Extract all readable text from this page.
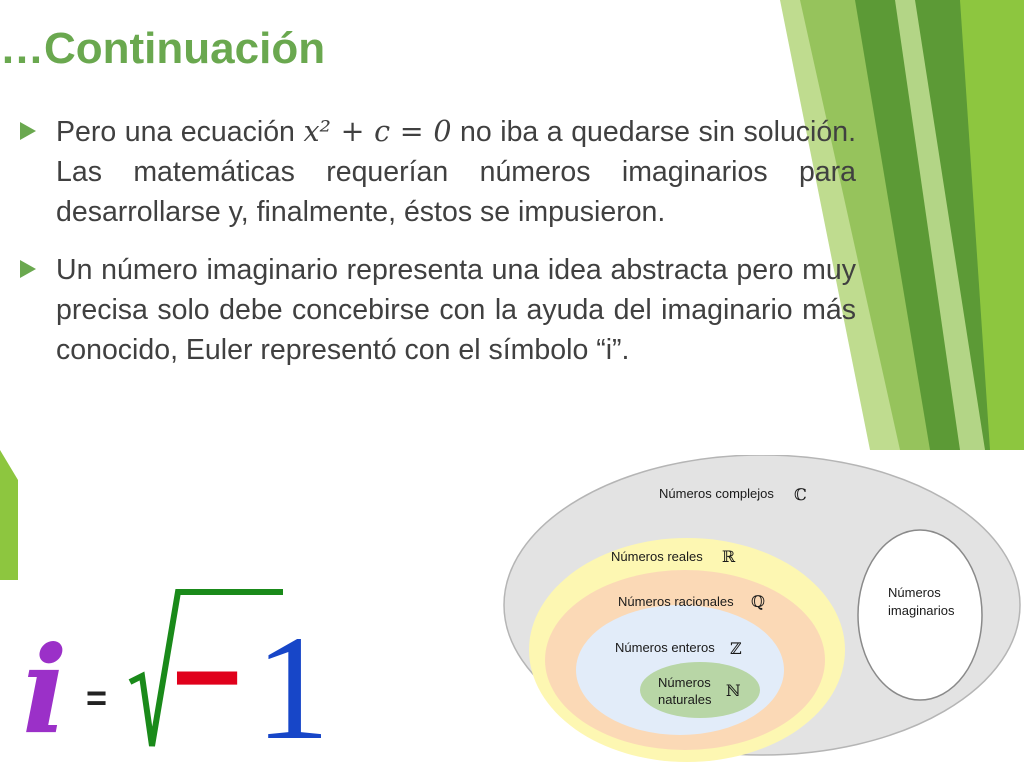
…Continuación
Pero una ecuación 𝑥² + 𝑐 = 0 no iba a quedarse sin solución. Las matemáticas requerían números imaginarios para desarrollarse y, finalmente, éstos se impusieron.
Un número imaginario representa una idea abstracta pero muy precisa solo debe concebirse con la ayuda del imaginario más conocido, Euler representó con el símbolo “i”.
i = − 1
Números complejos ℂ
Números reales ℝ
Números racionales ℚ
Números enteros ℤ
Números
naturales ℕ
Números
imaginarios
